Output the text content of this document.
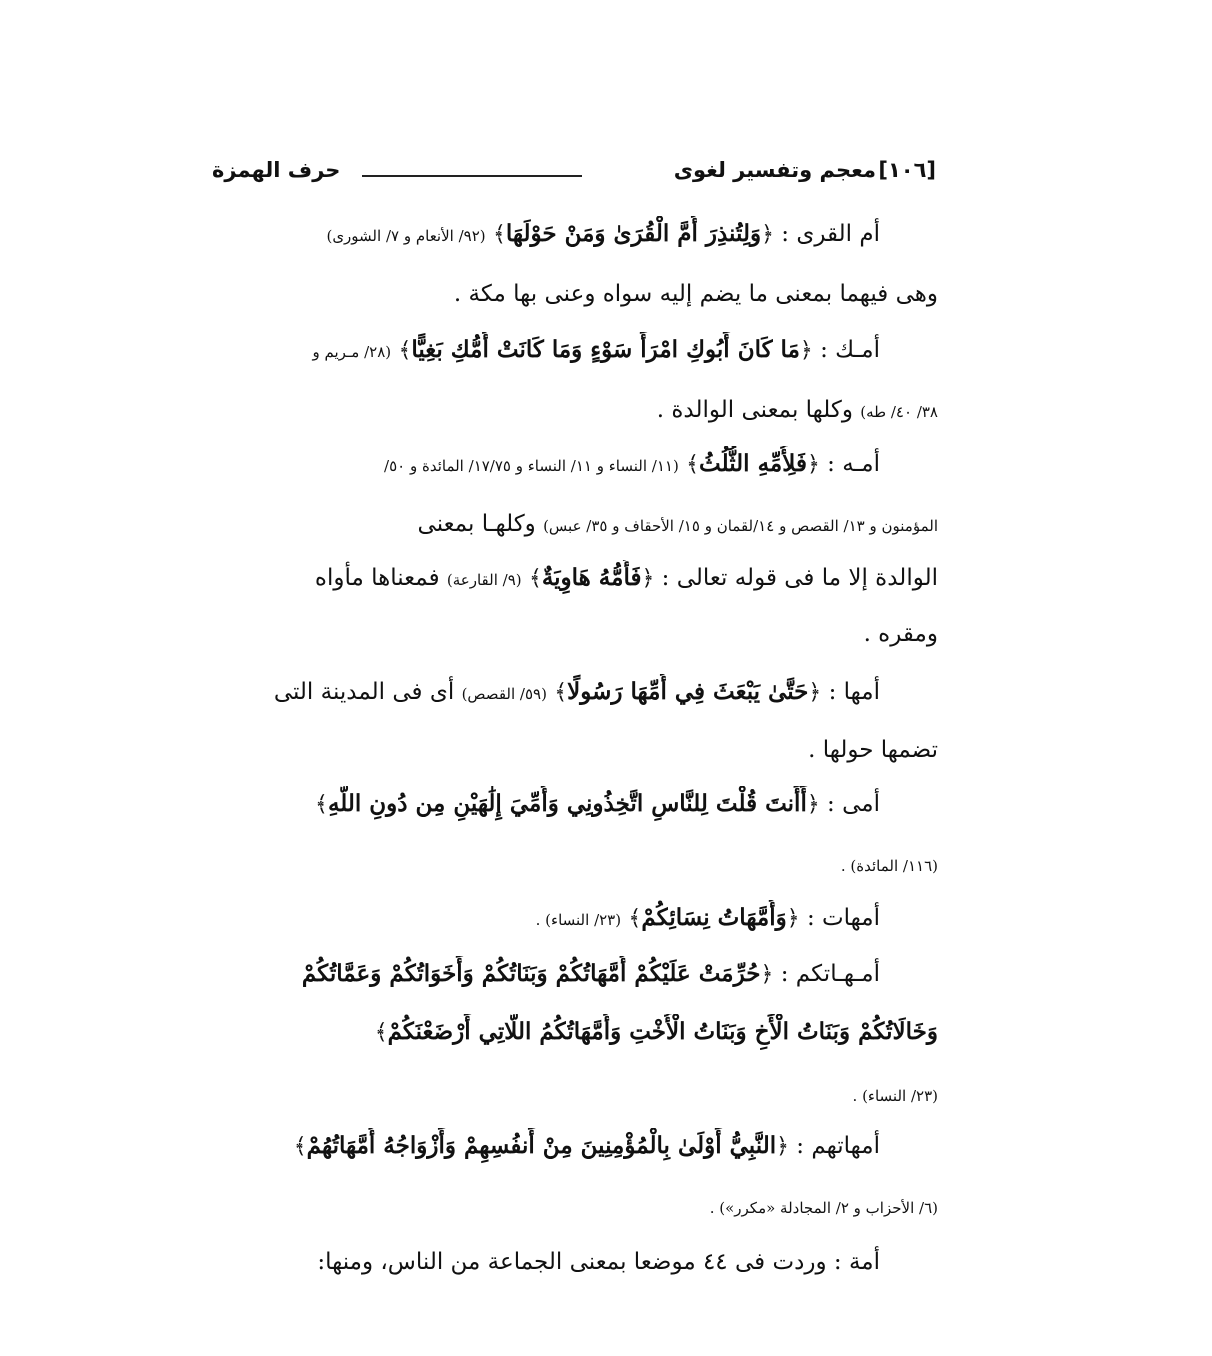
[١٠٦]
معجم وتفسير لغوى
حرف الهمزة
أم القرى : ﴿وَلِتُنذِرَ أُمَّ الْقُرَىٰ وَمَنْ حَوْلَهَا﴾ (٩٢/ الأنعام و ٧/ الشورى)
وهى فيهما بمعنى ما يضم إليه سواه وعنى بها مكة .
أمـك : ﴿مَا كَانَ أَبُوكِ امْرَأَ سَوْءٍ وَمَا كَانَتْ أُمُّكِ بَغِيًّا﴾ (٢٨/ مـريم و
٣٨/ ٤٠/ طه) وكلها بمعنى الوالدة .
أمـه : ﴿فَلِأُمِّهِ الثُّلُثُ﴾ (١١/ النساء و ١١/ النساء و ١٧/٧٥/ المائدة و ٥٠/
المؤمنون و ١٣/ القصص و ١٤/لقمان و ١٥/ الأحقاف و ٣٥/ عبس) وكلهـا بمعنى
الوالدة إلا ما فى قوله تعالى : ﴿فَأُمُّهُ هَاوِيَةٌ﴾ (٩/ القارعة) فمعناها مأواه
ومقره .
أمها : ﴿حَتَّىٰ يَبْعَثَ فِي أُمِّهَا رَسُولًا﴾ (٥٩/ القصص) أى فى المدينة التى
تضمها حولها .
أمى : ﴿أَأَنتَ قُلْتَ لِلنَّاسِ اتَّخِذُونِي وَأُمِّيَ إِلَٰهَيْنِ مِن دُونِ اللَّهِ﴾
(١١٦/ المائدة) .
أمهات : ﴿وَأُمَّهَاتُ نِسَائِكُمْ﴾ (٢٣/ النساء) .
أمـهـاتكم : ﴿حُرِّمَتْ عَلَيْكُمْ أُمَّهَاتُكُمْ وَبَنَاتُكُمْ وَأَخَوَاتُكُمْ وَعَمَّاتُكُمْ
وَخَالَاتُكُمْ وَبَنَاتُ الْأَخِ وَبَنَاتُ الْأُخْتِ وَأُمَّهَاتُكُمُ اللَّاتِي أَرْضَعْنَكُمْ﴾
(٢٣/ النساء) .
أمهاتهم : ﴿النَّبِيُّ أَوْلَىٰ بِالْمُؤْمِنِينَ مِنْ أَنفُسِهِمْ وَأَزْوَاجُهُ أُمَّهَاتُهُمْ﴾
(٦/ الأحزاب و ٢/ المجادلة «مكرر») .
أمة : وردت فى ٤٤ موضعا بمعنى الجماعة من الناس، ومنها:
